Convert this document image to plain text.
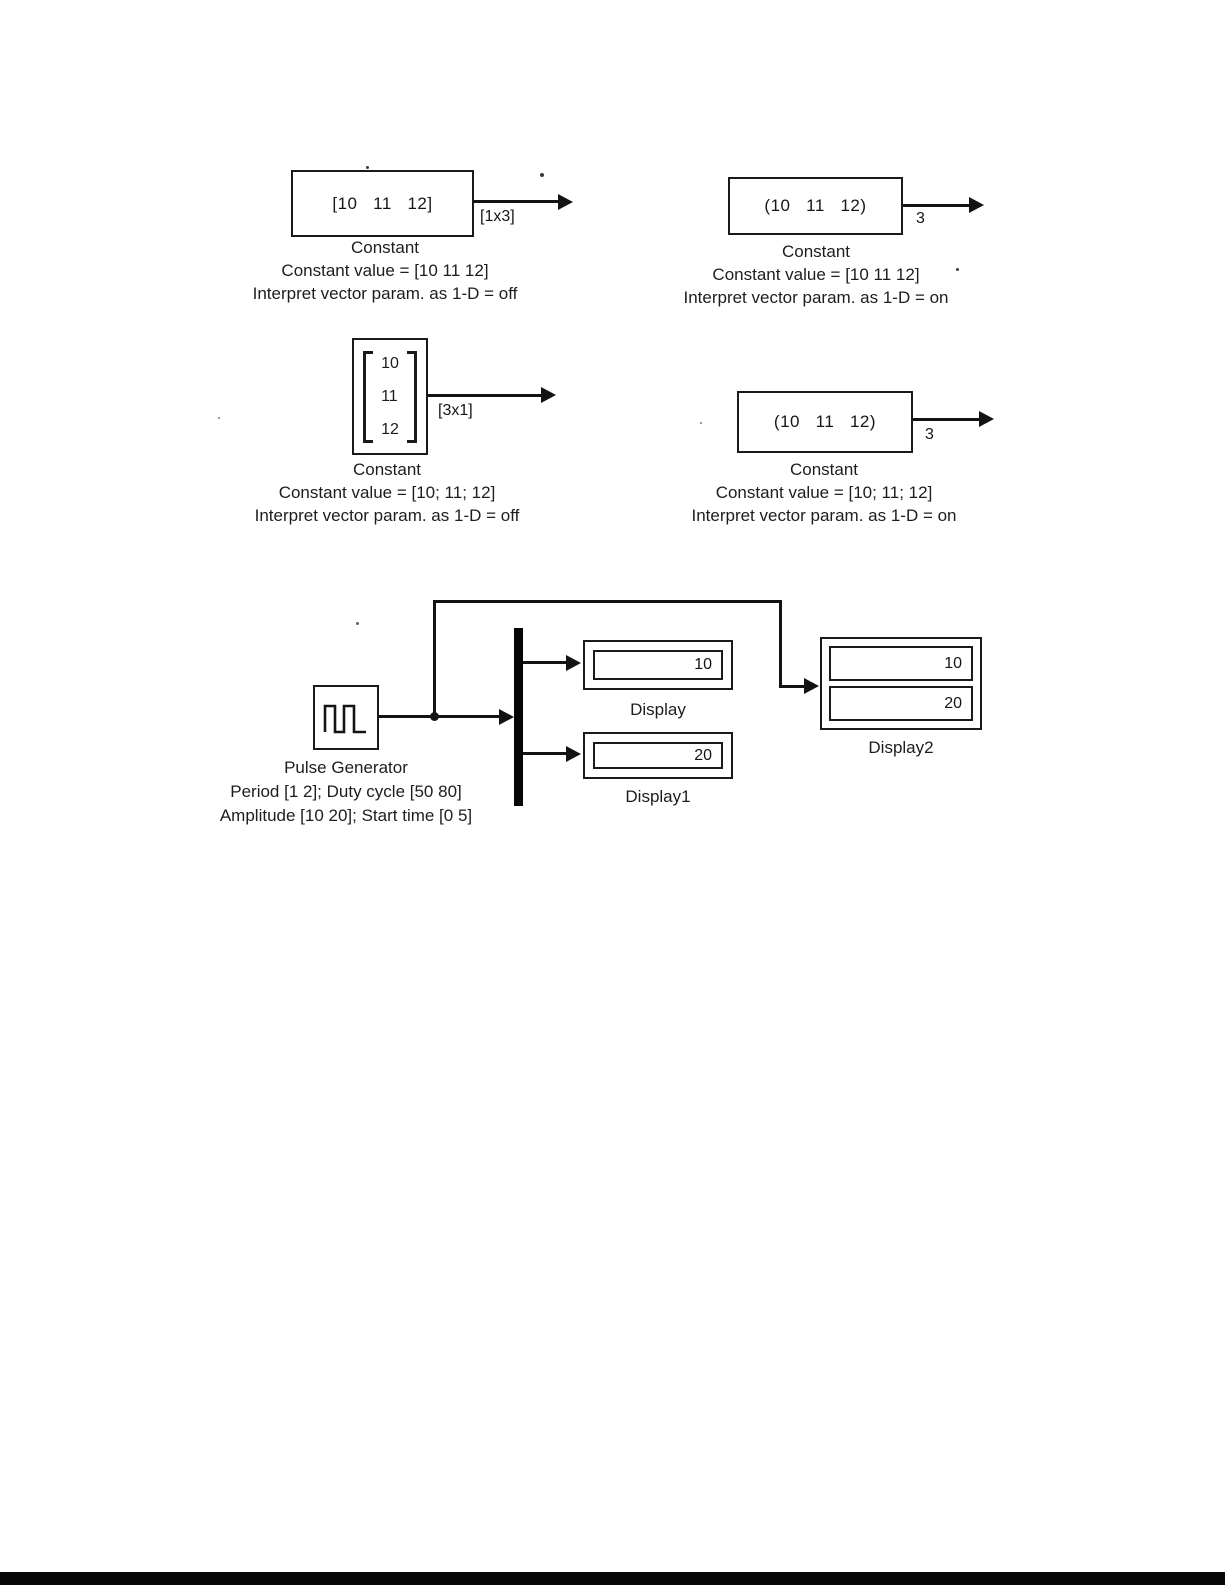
[10   11   12]
[1x3]
Constant
Constant value = [10 11 12]
Interpret vector param. as 1-D = off
(10   11   12)
3
Constant
Constant value = [10 11 12]
Interpret vector param. as 1-D = on
10
11
12
[3x1]
Constant
Constant value = [10; 11; 12]
Interpret vector param. as 1-D = off
(10   11   12)
3
Constant
Constant value = [10; 11; 12]
Interpret vector param. as 1-D = on
10
Display
20
Display1
10
20
Display2
Pulse Generator
Period [1 2]; Duty cycle [50 80]
Amplitude [10 20]; Start time [0 5]
